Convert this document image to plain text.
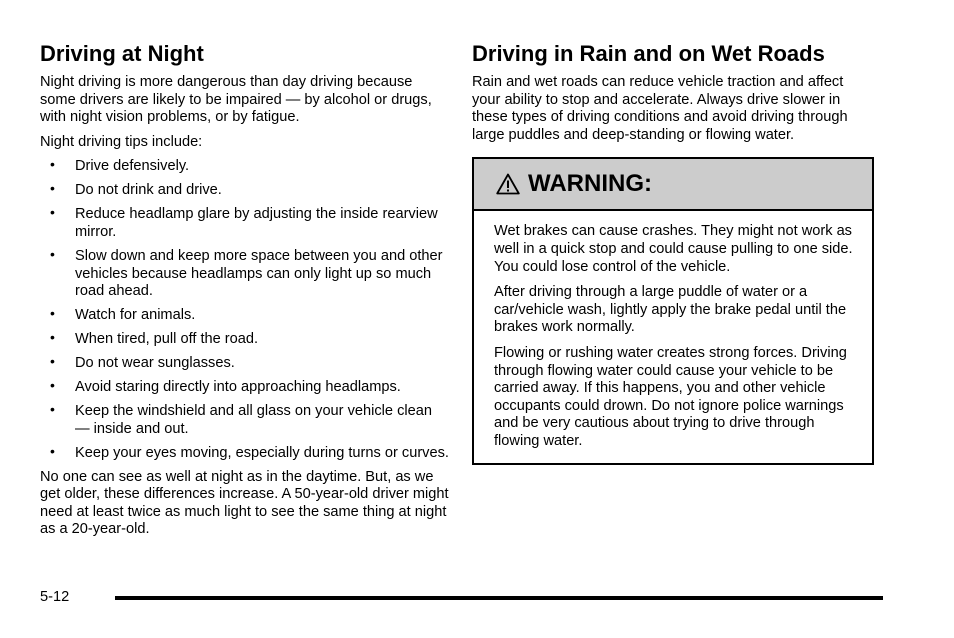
Driving at Night

Night driving is more dangerous than day driving because some drivers are likely to be impaired — by alcohol or drugs, with night vision problems, or by fatigue.

Night driving tips include:

• Drive defensively.
• Do not drink and drive.
• Reduce headlamp glare by adjusting the inside rearview mirror.
• Slow down and keep more space between you and other vehicles because headlamps can only light up so much road ahead.
• Watch for animals.
• When tired, pull off the road.
• Do not wear sunglasses.
• Avoid staring directly into approaching headlamps.
• Keep the windshield and all glass on your vehicle clean — inside and out.
• Keep your eyes moving, especially during turns or curves.

No one can see as well at night as in the daytime. But, as we get older, these differences increase. A 50-year-old driver might need at least twice as much light to see the same thing at night as a 20-year-old.

Driving in Rain and on Wet Roads

Rain and wet roads can reduce vehicle traction and affect your ability to stop and accelerate. Always drive slower in these types of driving conditions and avoid driving through large puddles and deep-standing or flowing water.

WARNING:

Wet brakes can cause crashes. They might not work as well in a quick stop and could cause pulling to one side. You could lose control of the vehicle.

After driving through a large puddle of water or a car/vehicle wash, lightly apply the brake pedal until the brakes work normally.

Flowing or rushing water creates strong forces. Driving through flowing water could cause your vehicle to be carried away. If this happens, you and other vehicle occupants could drown. Do not ignore police warnings and be very cautious about trying to drive through flowing water.

5-12
